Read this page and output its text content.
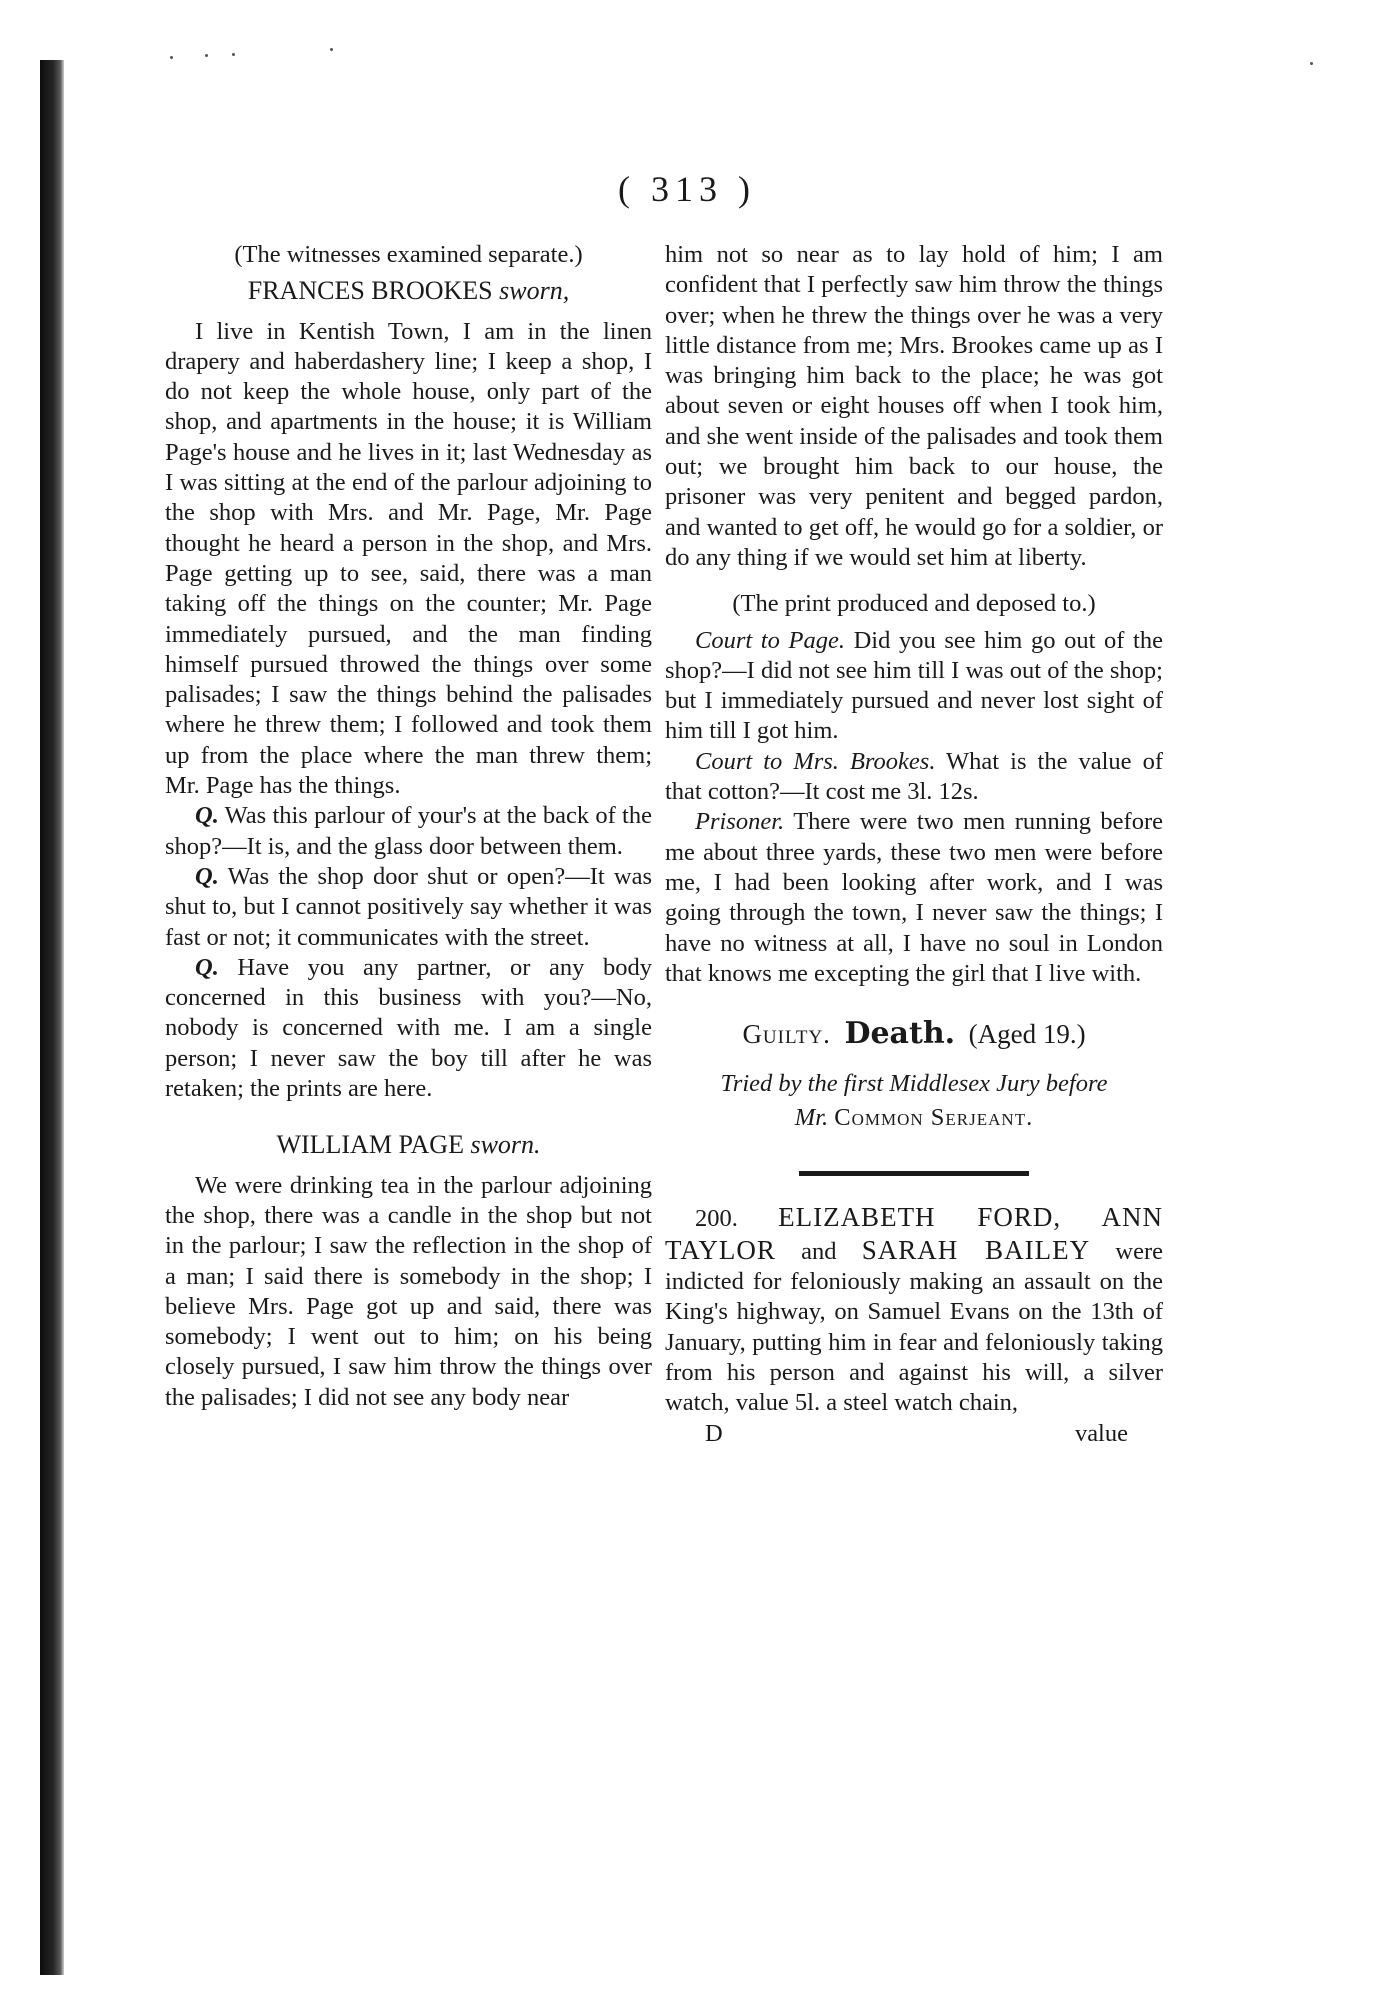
( 313 )

(The witnesses examined separate.)

FRANCES BROOKES sworn,

I live in Kentish Town, I am in the linen drapery and haberdashery line; I keep a shop, I do not keep the whole house, only part of the shop, and apartments in the house; it is William Page's house and he lives in it; last Wednesday as I was sitting at the end of the parlour adjoining to the shop with Mrs. and Mr. Page, Mr. Page thought he heard a person in the shop, and Mrs. Page getting up to see, said, there was a man taking off the things on the counter; Mr. Page immediately pursued, and the man finding himself pursued throwed the things over some palisades; I saw the things behind the palisades where he threw them; I followed and took them up from the place where the man threw them; Mr. Page has the things.

Q. Was this parlour of your's at the back of the shop?—It is, and the glass door between them.

Q. Was the shop door shut or open?—It was shut to, but I cannot positively say whether it was fast or not; it communicates with the street.

Q. Have you any partner, or any body concerned in this business with you?—No, nobody is concerned with me. I am a single person; I never saw the boy till after he was retaken; the prints are here.

WILLIAM PAGE sworn.

We were drinking tea in the parlour adjoining the shop, there was a candle in the shop but not in the parlour; I saw the reflection in the shop of a man; I said there is somebody in the shop; I believe Mrs. Page got up and said, there was somebody; I went out to him; on his being closely pursued, I saw him throw the things over the palisades; I did not see any body near

him not so near as to lay hold of him; I am confident that I perfectly saw him throw the things over; when he threw the things over he was a very little distance from me; Mrs. Brookes came up as I was bringing him back to the place; he was got about seven or eight houses off when I took him, and she went inside of the palisades and took them out; we brought him back to our house, the prisoner was very penitent and begged pardon, and wanted to get off, he would go for a soldier, or do any thing if we would set him at liberty.

(The print produced and deposed to.)

Court to Page. Did you see him go out of the shop?—I did not see him till I was out of the shop; but I immediately pursued and never lost sight of him till I got him.

Court to Mrs. Brookes. What is the value of that cotton?—It cost me 3l. 12s.

Prisoner. There were two men running before me about three yards, these two men were before me, I had been looking after work, and I was going through the town, I never saw the things; I have no witness at all, I have no soul in London that knows me excepting the girl that I live with.

Guilty. Death. (Aged 19.)

Tried by the first Middlesex Jury before
Mr. Common Serjeant.

200. ELIZABETH FORD, ANN TAYLOR and SARAH BAILEY were indicted for feloniously making an assault on the King's highway, on Samuel Evans on the 13th of January, putting him in fear and feloniously taking from his person and against his will, a silver watch, value 5l. a steel watch chain,

D	value
